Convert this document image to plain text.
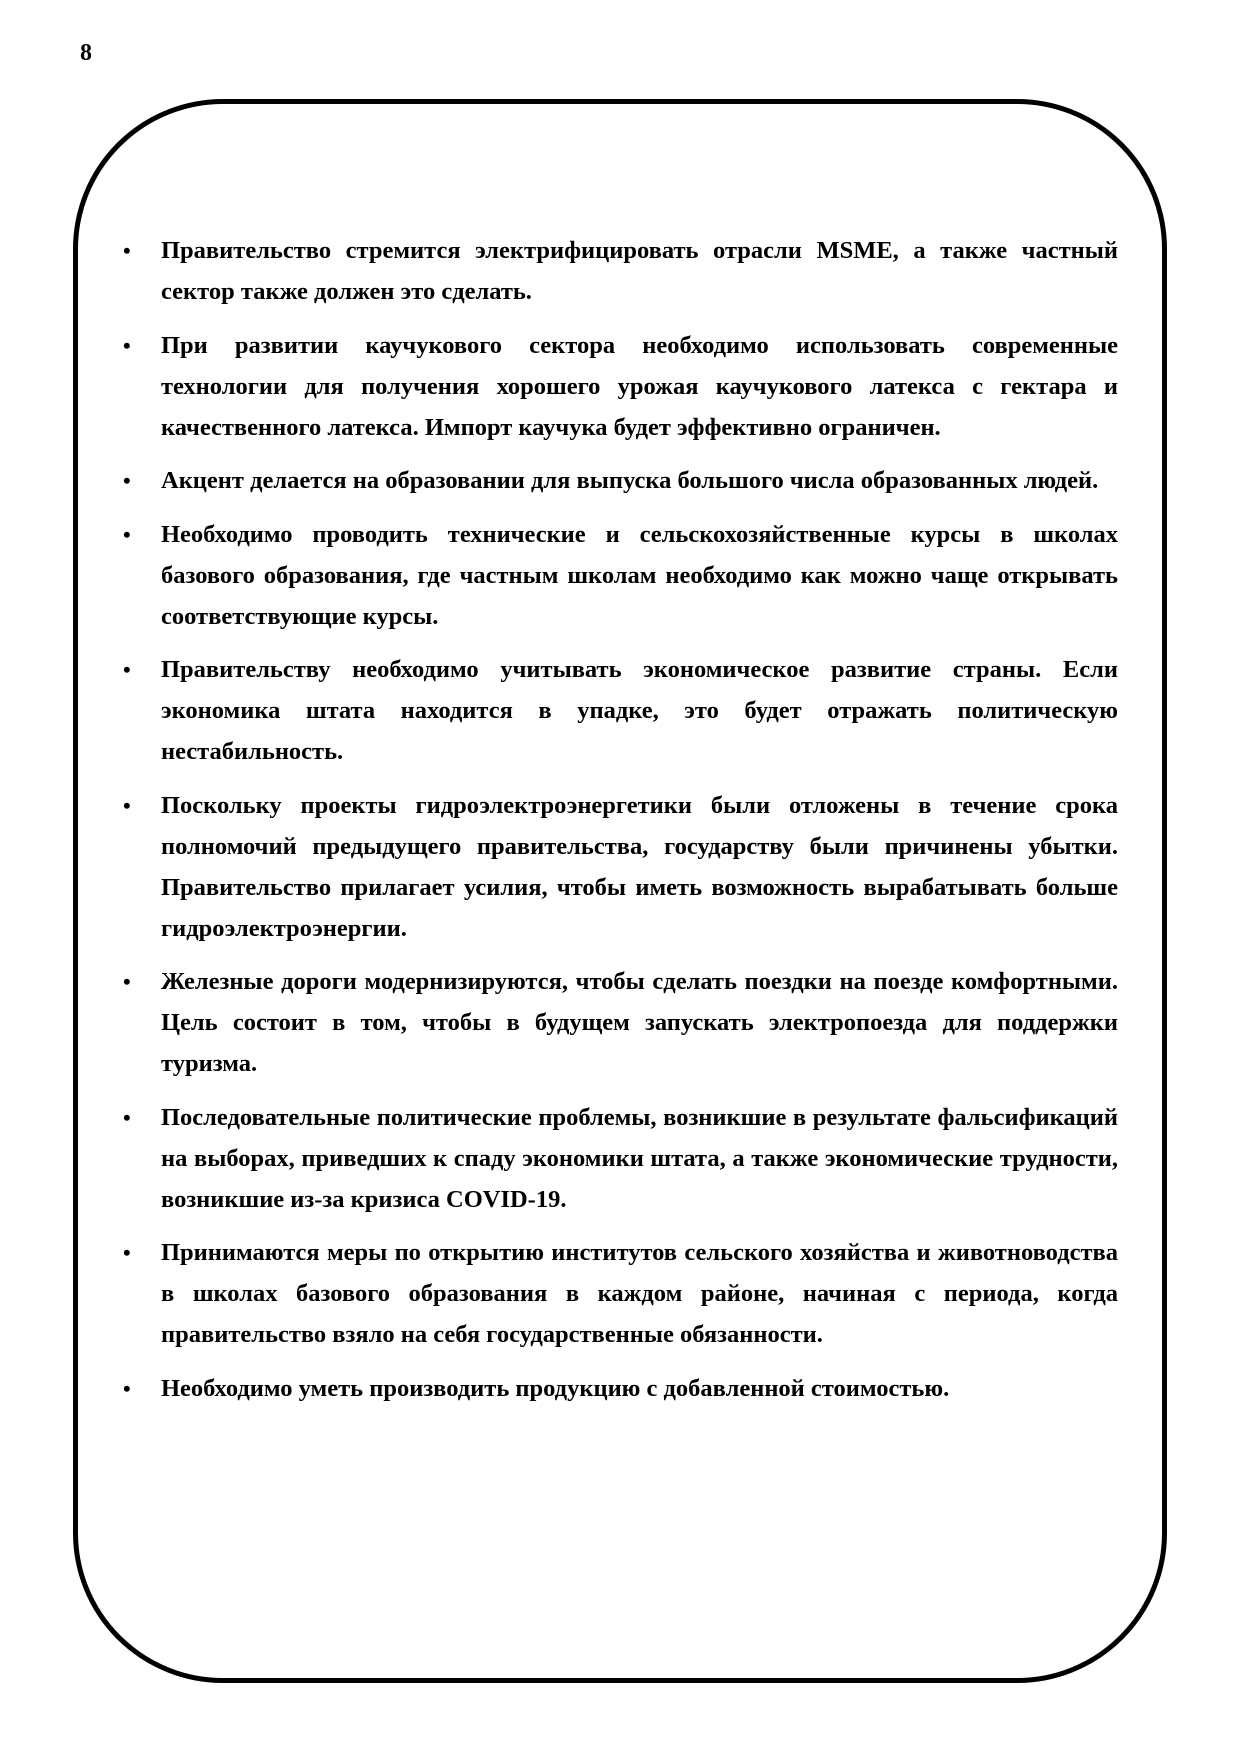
8
•	Правительство стремится электрифицировать отрасли MSME, а также частный сектор также должен это сделать.
•	При развитии каучукового сектора необходимо использовать современные технологии для получения хорошего урожая каучукового латекса с гектара и качественного латекса. Импорт каучука будет эффективно ограничен.
•	Акцент делается на образовании для выпуска большого числа образованных людей.
•	Необходимо проводить технические и сельскохозяйственные курсы в школах базового образования, где частным школам необходимо как можно чаще открывать соответствующие курсы.
•	Правительству необходимо учитывать экономическое развитие страны. Если экономика штата находится в упадке, это будет отражать политическую нестабильность.
•	Поскольку проекты гидроэлектроэнергетики были отложены в течение срока полномочий предыдущего правительства, государству были причинены убытки. Правительство прилагает усилия, чтобы иметь возможность вырабатывать больше гидроэлектроэнергии.
•	Железные дороги модернизируются, чтобы сделать поездки на поезде комфортными. Цель состоит в том, чтобы в будущем запускать электропоезда для поддержки туризма.
•	Последовательные политические проблемы, возникшие в результате фальсификаций на выборах, приведших к спаду экономики штата, а также экономические трудности, возникшие из-за кризиса COVID-19.
•	Принимаются меры по открытию институтов сельского хозяйства и животноводства в школах базового образования в каждом районе, начиная с периода, когда правительство взяло на себя государственные обязанности.
•	Необходимо уметь производить продукцию с добавленной стоимостью.
